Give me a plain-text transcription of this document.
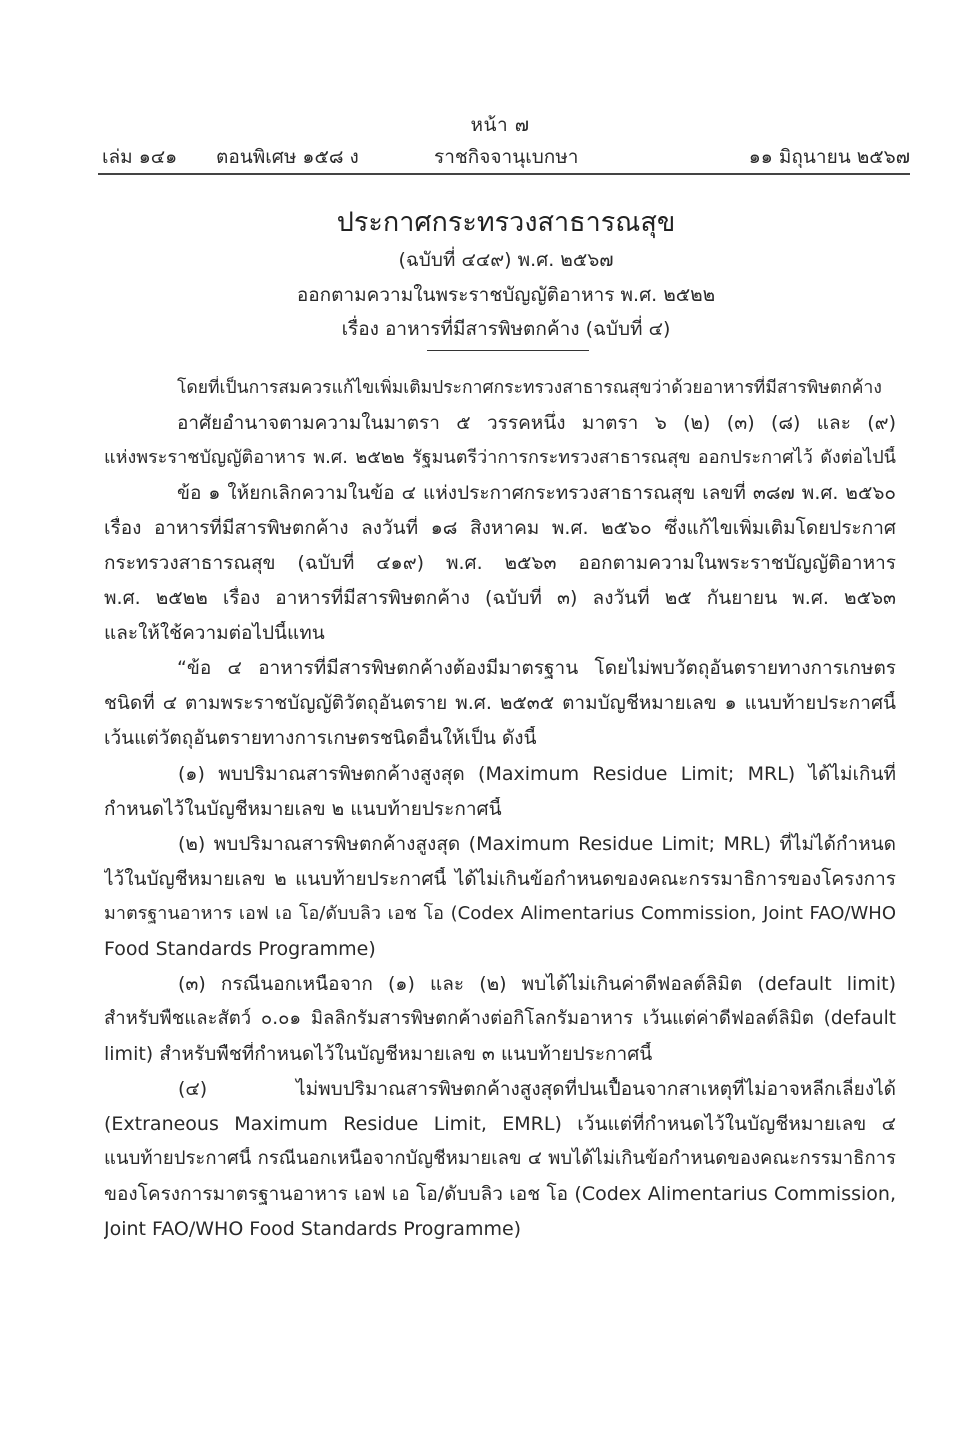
หน้า ๗
เล่ม ๑๔๑ ตอนพิเศษ ๑๕๘ ง	ราชกิจจานุเบกษา	๑๑ มิถุนายน ๒๕๖๗
ประกาศกระทรวงสาธารณสุข
(ฉบับที่ ๔๔๙) พ.ศ. ๒๕๖๗
ออกตามความในพระราชบัญญัติอาหาร พ.ศ. ๒๕๒๒
เรื่อง อาหารที่มีสารพิษตกค้าง (ฉบับที่ ๔)
โดยที่เป็นการสมควรแก้ไขเพิ่มเติมประกาศกระทรวงสาธารณสุขว่าด้วยอาหารที่มีสารพิษตกค้าง
อาศัยอำนาจตามความในมาตรา ๕ วรรคหนึ่ง มาตรา ๖ (๒) (๓) (๘) และ (๙)
แห่งพระราชบัญญัติอาหาร พ.ศ. ๒๕๒๒ รัฐมนตรีว่าการกระทรวงสาธารณสุข ออกประกาศไว้ ดังต่อไปนี้
ข้อ ๑ ให้ยกเลิกความในข้อ ๔ แห่งประกาศกระทรวงสาธารณสุข เลขที่ ๓๘๗ พ.ศ. ๒๕๖๐
เรื่อง อาหารที่มีสารพิษตกค้าง ลงวันที่ ๑๘ สิงหาคม พ.ศ. ๒๕๖๐ ซึ่งแก้ไขเพิ่มเติมโดยประกาศ
กระทรวงสาธารณสุข (ฉบับที่ ๔๑๙) พ.ศ. ๒๕๖๓ ออกตามความในพระราชบัญญัติอาหาร
พ.ศ. ๒๕๒๒ เรื่อง อาหารที่มีสารพิษตกค้าง (ฉบับที่ ๓) ลงวันที่ ๒๕ กันยายน พ.ศ. ๒๕๖๓
และให้ใช้ความต่อไปนี้แทน
“ข้อ ๔ อาหารที่มีสารพิษตกค้างต้องมีมาตรฐาน โดยไม่พบวัตถุอันตรายทางการเกษตร
ชนิดที่ ๔ ตามพระราชบัญญัติวัตถุอันตราย พ.ศ. ๒๕๓๕ ตามบัญชีหมายเลข ๑ แนบท้ายประกาศนี้
เว้นแต่วัตถุอันตรายทางการเกษตรชนิดอื่นให้เป็น ดังนี้
(๑) พบปริมาณสารพิษตกค้างสูงสุด (Maximum Residue Limit; MRL) ได้ไม่เกินที่
กำหนดไว้ในบัญชีหมายเลข ๒ แนบท้ายประกาศนี้
(๒) พบปริมาณสารพิษตกค้างสูงสุด (Maximum Residue Limit; MRL) ที่ไม่ได้กำหนด
ไว้ในบัญชีหมายเลข ๒ แนบท้ายประกาศนี้ ได้ไม่เกินข้อกำหนดของคณะกรรมาธิการของโครงการ
มาตรฐานอาหาร เอฟ เอ โอ/ดับบลิว เอช โอ (Codex Alimentarius Commission, Joint FAO/WHO
Food Standards Programme)
(๓) กรณีนอกเหนือจาก (๑) และ (๒) พบได้ไม่เกินค่าดีฟอลต์ลิมิต (default limit)
สำหรับพืชและสัตว์ ๐.๐๑ มิลลิกรัมสารพิษตกค้างต่อกิโลกรัมอาหาร เว้นแต่ค่าดีฟอลต์ลิมิต (default
limit) สำหรับพืชที่กำหนดไว้ในบัญชีหมายเลข ๓ แนบท้ายประกาศนี้
(๔) ไม่พบปริมาณสารพิษตกค้างสูงสุดที่ปนเปื้อนจากสาเหตุที่ไม่อาจหลีกเลี่ยงได้
(Extraneous Maximum Residue Limit, EMRL) เว้นแต่ที่กำหนดไว้ในบัญชีหมายเลข ๔
แนบท้ายประกาศนี้ กรณีนอกเหนือจากบัญชีหมายเลข ๔ พบได้ไม่เกินข้อกำหนดของคณะกรรมาธิการ
ของโครงการมาตรฐานอาหาร เอฟ เอ โอ/ดับบลิว เอช โอ (Codex Alimentarius Commission,
Joint FAO/WHO Food Standards Programme)
